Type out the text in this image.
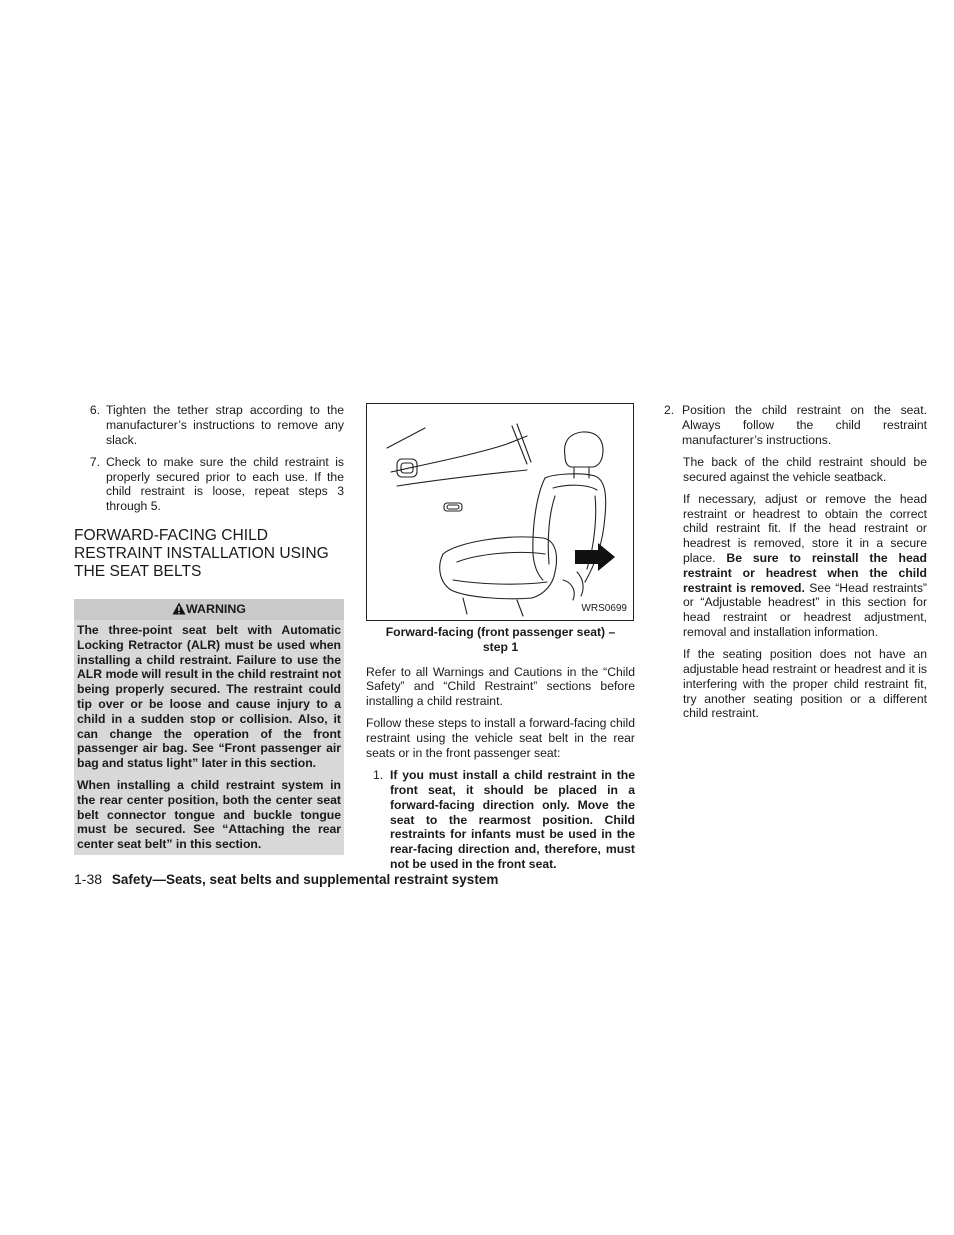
6. Tighten the tether strap according to the manufacturer’s instructions to remove any slack.
7. Check to make sure the child restraint is properly secured prior to each use. If the child restraint is loose, repeat steps 3 through 5.
FORWARD-FACING CHILD RESTRAINT INSTALLATION USING THE SEAT BELTS
WARNING

The three-point seat belt with Automatic Locking Retractor (ALR) must be used when installing a child restraint. Failure to use the ALR mode will result in the child restraint not being properly secured. The restraint could tip over or be loose and cause injury to a child in a sudden stop or collision. Also, it can change the operation of the front passenger air bag. See “Front passenger air bag and status light” later in this section.

When installing a child restraint system in the rear center position, both the center seat belt connector tongue and buckle tongue must be secured. See “Attaching the rear center seat belt” in this section.

WRS0699
Forward-facing (front passenger seat) –
step 1

Refer to all Warnings and Cautions in the “Child Safety” and “Child Restraint” sections before installing a child restraint.

Follow these steps to install a forward-facing child restraint using the vehicle seat belt in the rear seats or in the front passenger seat:

1. If you must install a child restraint in the front seat, it should be placed in a forward-facing direction only. Move the seat to the rearmost position. Child restraints for infants must be used in the rear-facing direction and, therefore, must not be used in the front seat.
2. Position the child restraint on the seat. Always follow the child restraint manufacturer’s instructions.

The back of the child restraint should be secured against the vehicle seatback.

If necessary, adjust or remove the head restraint or headrest to obtain the correct child restraint fit. If the head restraint or headrest is removed, store it in a secure place. Be sure to reinstall the head restraint or headrest when the child restraint is removed. See “Head restraints” or “Adjustable headrest” in this section for head restraint or headrest adjustment, removal and installation information.

If the seating position does not have an adjustable head restraint or headrest and it is interfering with the proper child restraint fit, try another seating position or a different child restraint.

1-38 Safety—Seats, seat belts and supplemental restraint system
